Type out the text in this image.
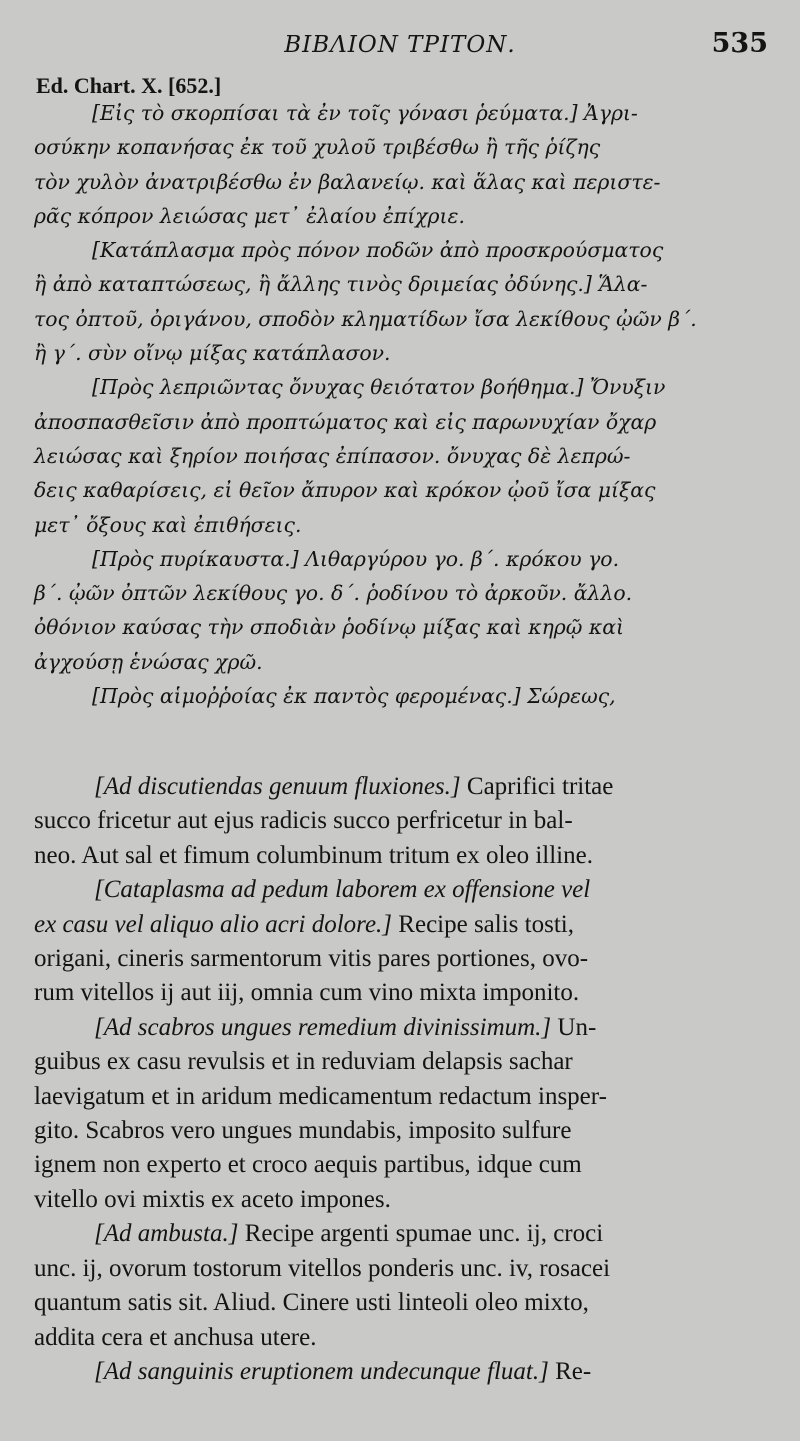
ΒΙΒΛΙΟΝ ΤΡΙΤΟΝ.	535
Ed. Chart. X. [652.]
[Εἰς τὸ σκορπίσαι τὰ ἐν τοῖς γόνασι ῥεύματα.] Ἀγρι-
οσύκην κοπανήσας ἐκ τοῦ χυλοῦ τριβέσθω ἢ τῆς ῥίζης
τὸν χυλὸν ἀνατριβέσθω ἐν βαλανείῳ. καὶ ἅλας καὶ περιστε-
ρᾶς κόπρον λειώσας μετ᾽ ἐλαίου ἐπίχριε.
[Κατάπλασμα πρὸς πόνον ποδῶν ἀπὸ προσκρούσματος
ἢ ἀπὸ καταπτώσεως, ἢ ἄλλης τινὸς δριμείας ὀδύνης.] Ἅλα-
τος ὀπτοῦ, ὀριγάνου, σποδὸν κληματίδων ἴσα λεκίθους ᾠῶν β΄.
ἢ γ΄. σὺν οἴνῳ μίξας κατάπλασον.
[Πρὸς λεπριῶντας ὄνυχας θειότατον βοήθημα.] Ὄνυξιν
ἀποσπασθεῖσιν ἀπὸ προπτώματος καὶ εἰς παρωνυχίαν ὄχαρ
λειώσας καὶ ξηρίον ποιήσας ἐπίπασον. ὄνυχας δὲ λεπρώ-
δεις καθαρίσεις, εἰ θεῖον ἄπυρον καὶ κρόκον ᾠοῦ ἴσα μίξας
μετ᾽ ὄξους καὶ ἐπιθήσεις.
[Πρὸς πυρίκαυστα.] Λιθαργύρου γο. β΄. κρόκου γο.
β΄. ᾠῶν ὀπτῶν λεκίθους γο. δ΄. ῥοδίνου τὸ ἀρκοῦν. ἄλλο.
ὀθόνιον καύσας τὴν σποδιὰν ῥοδίνῳ μίξας καὶ κηρῷ καὶ
ἀγχούσῃ ἑνώσας χρῶ.
[Πρὸς αἱμοῤῥοίας ἐκ παντὸς φερομένας.] Σώρεως,
[Ad discutiendas genuum fluxiones.] Caprifici tritae
succo fricetur aut ejus radicis succo perfricetur in bal-
neo. Aut sal et fimum columbinum tritum ex oleo illine.
[Cataplasma ad pedum laborem ex offensione vel
ex casu vel aliquo alio acri dolore.] Recipe salis tosti,
origani, cineris sarmentorum vitis pares portiones, ovo-
rum vitellos ij aut iij, omnia cum vino mixta imponito.
[Ad scabros ungues remedium divinissimum.] Un-
guibus ex casu revulsis et in reduviam delapsis sachar
laevigatum et in aridum medicamentum redactum insper-
gito. Scabros vero ungues mundabis, imposito sulfure
ignem non experto et croco aequis partibus, idque cum
vitello ovi mixtis ex aceto impones.
[Ad ambusta.] Recipe argenti spumae unc. ij, croci
unc. ij, ovorum tostorum vitellos ponderis unc. iv, rosacei
quantum satis sit. Aliud. Cinere usti linteoli oleo mixto,
addita cera et anchusa utere.
[Ad sanguinis eruptionem undecunque fluat.] Re-
